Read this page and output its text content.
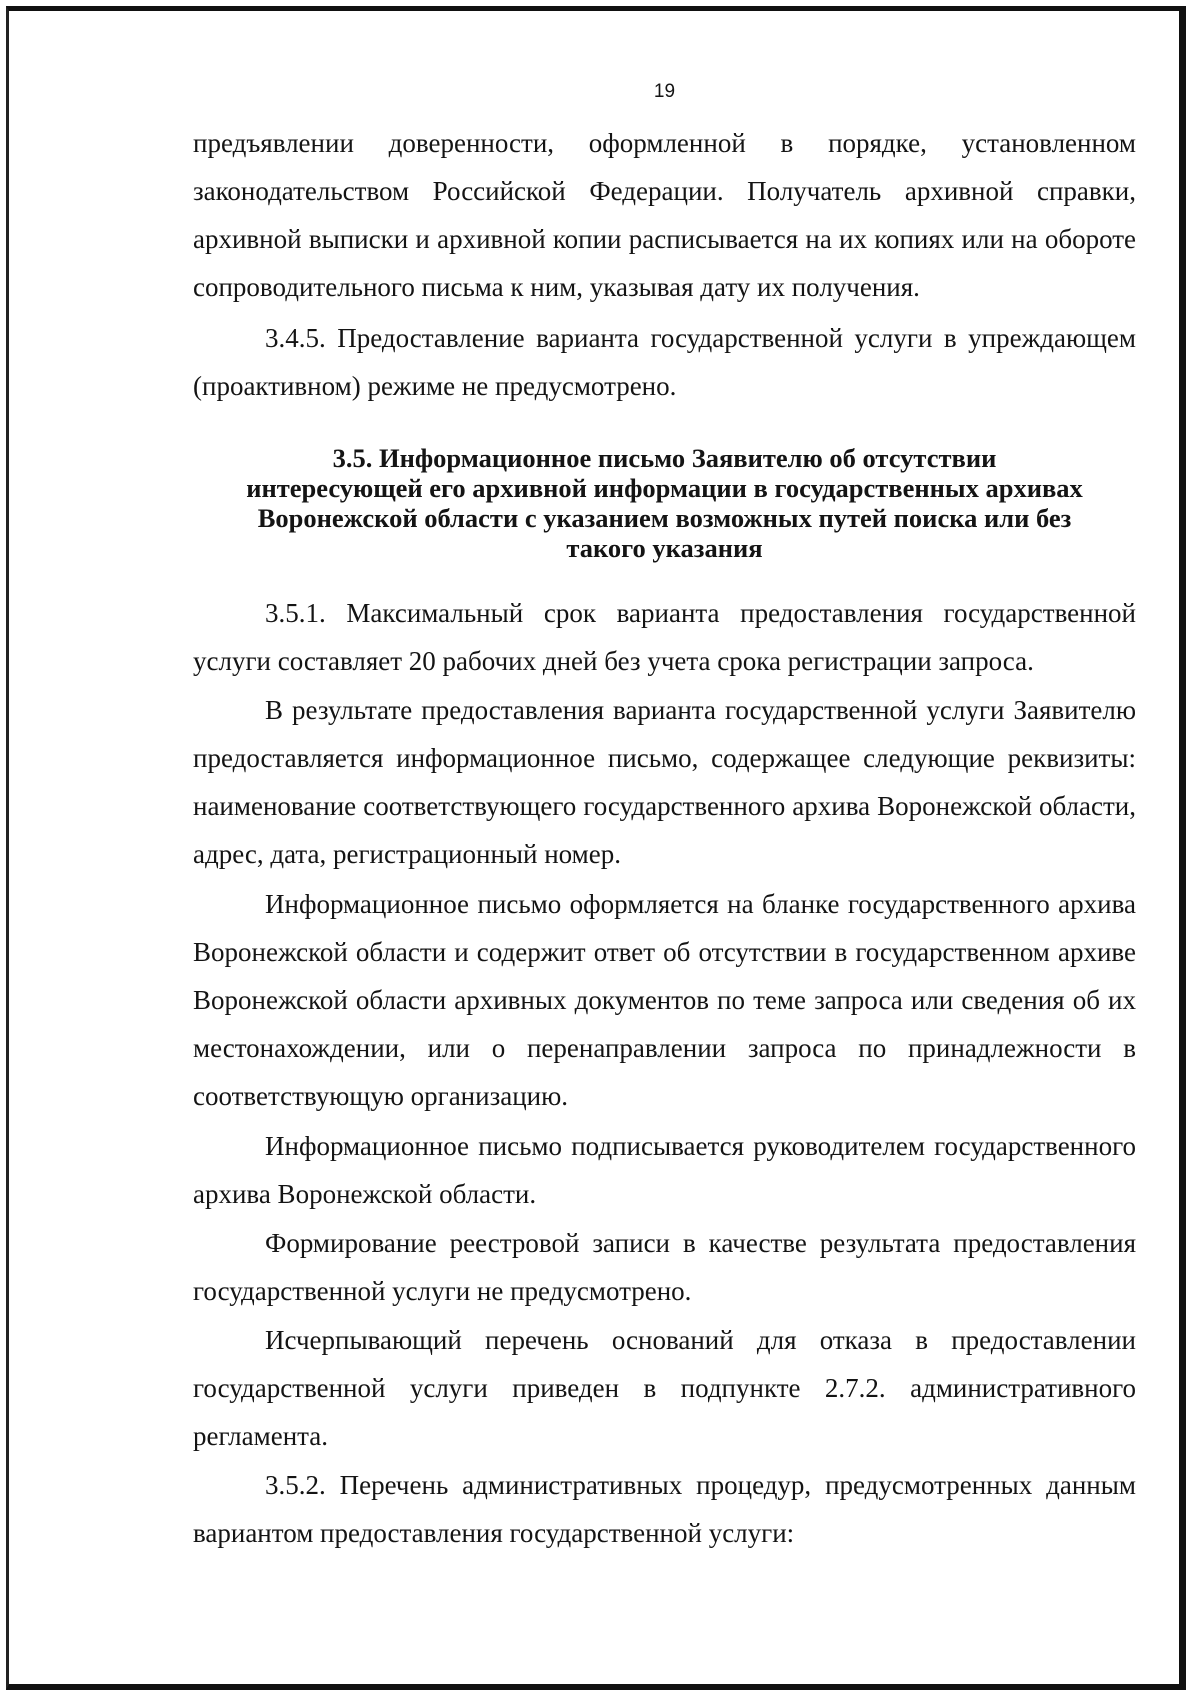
19

предъявлении доверенности, оформленной в порядке, установленном законодательством Российской Федерации. Получатель архивной справки, архивной выписки и архивной копии расписывается на их копиях или на обороте сопроводительного письма к ним, указывая дату их получения.

3.4.5. Предоставление варианта государственной услуги в упреждающем (проактивном) режиме не предусмотрено.

3.5. Информационное письмо Заявителю об отсутствии
интересующей его архивной информации в государственных архивах
Воронежской области с указанием возможных путей поиска или без
такого указания

3.5.1. Максимальный срок варианта предоставления государственной услуги составляет 20 рабочих дней без учета срока регистрации запроса.

В результате предоставления варианта государственной услуги Заявителю предоставляется информационное письмо, содержащее следующие реквизиты: наименование соответствующего государственного архива Воронежской области, адрес, дата, регистрационный номер.

Информационное письмо оформляется на бланке государственного архива Воронежской области и содержит ответ об отсутствии в государственном архиве Воронежской области архивных документов по теме запроса или сведения об их местонахождении, или о перенаправлении запроса по принадлежности в соответствующую организацию.

Информационное письмо подписывается руководителем государственного архива Воронежской области.

Формирование реестровой записи в качестве результата предоставления государственной услуги не предусмотрено.

Исчерпывающий перечень оснований для отказа в предоставлении государственной услуги приведен в подпункте 2.7.2. административного регламента.

3.5.2. Перечень административных процедур, предусмотренных данным вариантом предоставления государственной услуги:
